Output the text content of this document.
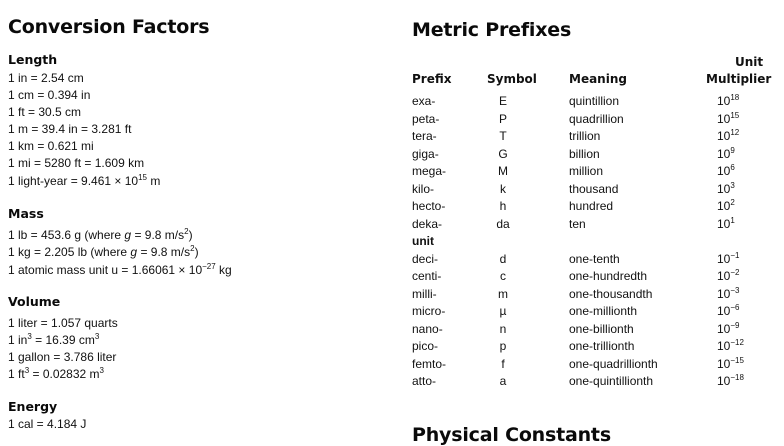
Conversion Factors
Length
1 in = 2.54 cm
1 cm = 0.394 in
1 ft = 30.5 cm
1 m = 39.4 in = 3.281 ft
1 km = 0.621 mi
1 mi = 5280 ft = 1.609 km
1 light-year = $9.461 \times 10^{15}$ m
Mass
1 lb = 453.6 g (where g = 9.8 $m/s^2$)
1 kg = 2.205 lb (where g = 9.8 $m/s^2$)
1 atomic mass unit $u = 1.66061 \times 10^{-27}$ kg
Volume
1 liter = 1.057 quarts
1 $in^3 = 16.39$ $cm^3$
1 gallon = 3.786 liter
1 $ft^3 = 0.02832$ $m^3$
Energy
1 cal = 4.184 J
Metric Prefixes
Unit
Prefix	Symbol	Meaning	Multiplier
exa-	E	quintillion	$10^{18}$
peta-	P	quadrillion	$10^{15}$
tera-	T	trillion	$10^{12}$
giga-	G	billion	$10^9$
mega-	M	million	$10^6$
kilo-	k	thousand	$10^3$
hecto-	h	hundred	$10^2$
deka-	da	ten	$10^1$
unit
deci-	d	one-tenth	$10^{-1}$
centi-	c	one-hundredth	$10^{-2}$
milli-	m	one-thousandth	$10^{-3}$
micro-	µ	one-millionth	$10^{-6}$
nano-	n	one-billionth	$10^{-9}$
pico-	p	one-trillionth	$10^{-12}$
femto-	f	one-quadrillionth	$10^{-15}$
atto-	a	one-quintillionth	$10^{-18}$
Physical Constants
